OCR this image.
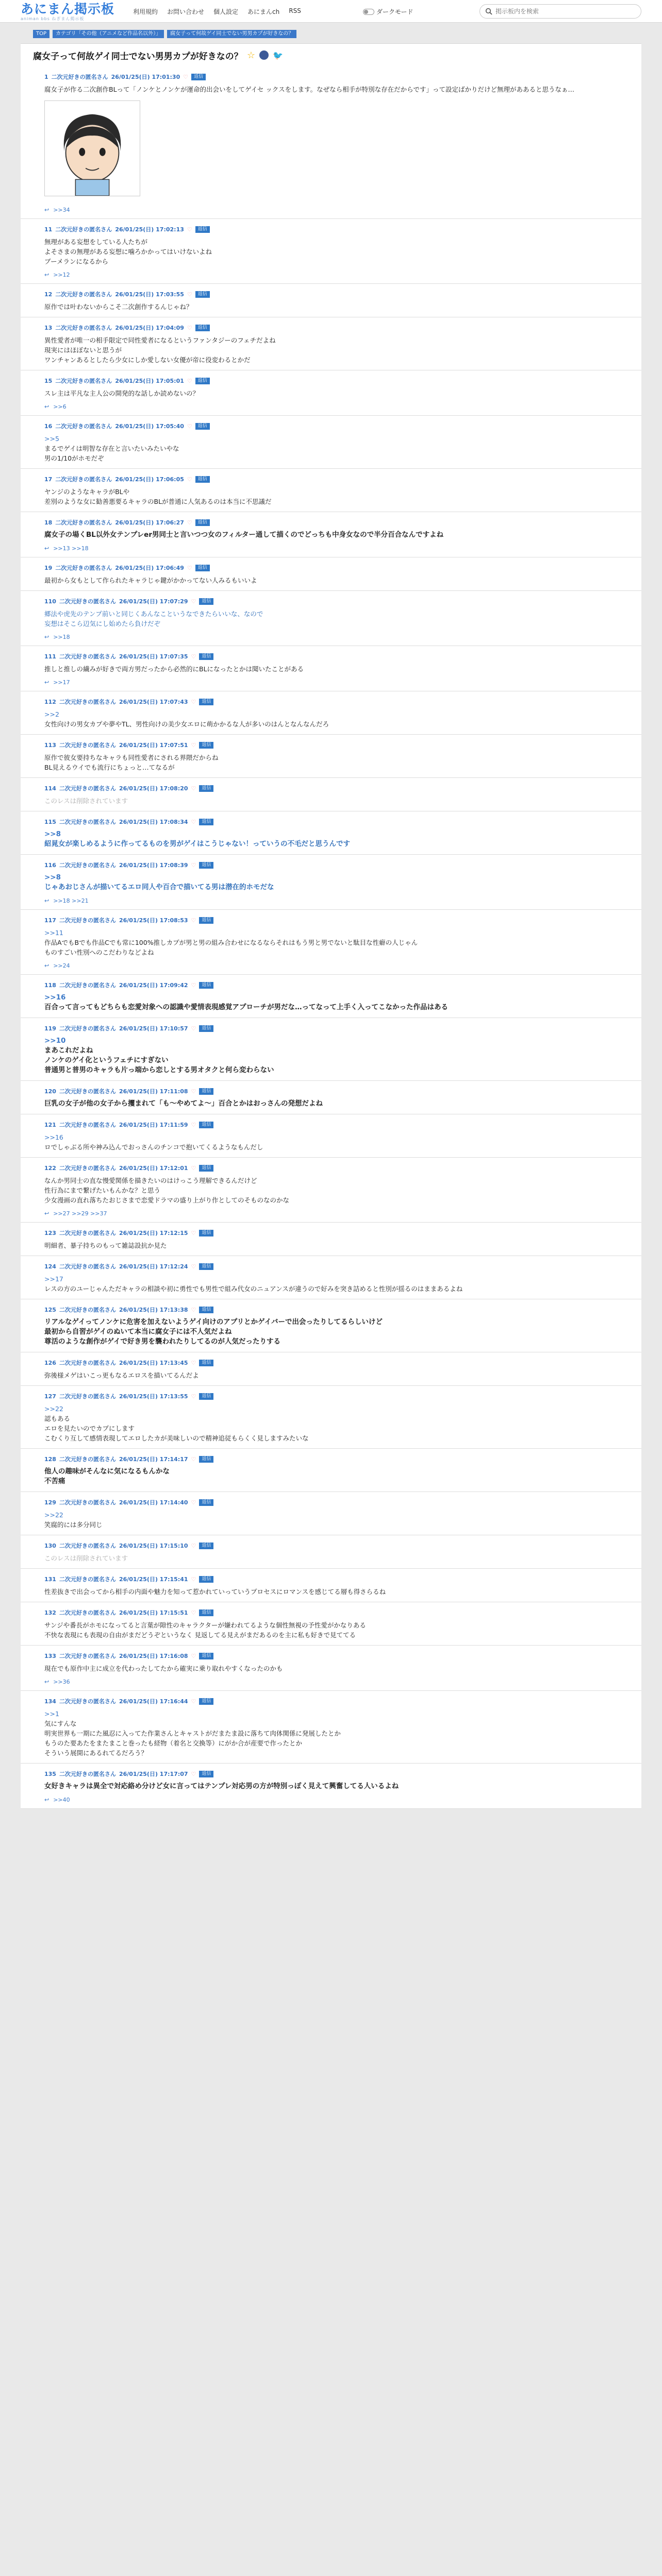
あにまん掲示板
animan bbs ねぎまん掲示板
利用規約 お問い合わせ 個人設定 あにまんch RSS	ダークモード
掲示板内を検索
TOP	カテゴリ「その他（アニメなど作品名以外）」	腐女子って何故ゲイ同士でない男男カプが好きなの？
腐女子って何故ゲイ同士でない男男カプが好きなの？ ☆ 🐦
1 二次元好きの匿名さん 26/01/25(日) 17:01:30 ♡	返信
腐女子が作る二次創作BLって「ノンケとノンケが運命的出会いをしてゲイセ ックスをします。なぜなら相手が特別な存在だからです」って設定ばかりだけど無理がああると思うなぁ…
↩ >>34
11 二次元好きの匿名さん 26/01/25(日) 17:02:13 ♡	返信
無理がある妄想をしている人たちが
よそさまの無理がある妄想に噛ろかかってはいけないよね
ブーメランになるから
↩ >>12
12 二次元好きの匿名さん 26/01/25(日) 17:03:55 ♡	返信
原作では叶わないからこそ二次創作するんじゃね？
13 二次元好きの匿名さん 26/01/25(日) 17:04:09 ♡	返信
異性愛者が唯一の相手限定で同性愛者になるというファンタジーのフェチだよね
現実にはほぼないと思うが
ワンチャンあるとしたら少女にしか愛しない女優が帝に役変わるとかだ
15 二次元好きの匿名さん 26/01/25(日) 17:05:01 ♡	返信
スレ主は平凡な主人公の開発的な話しか読めないの？
↩ >>6
16 二次元好きの匿名さん 26/01/25(日) 17:05:40 ♡	返信
>>5
まるでゲイは明智な存在と言いたいみたいやな
男の1/10がホモだぞ
17 二次元好きの匿名さん 26/01/25(日) 17:06:05 ♡	返信
ヤンジのようなキャラがBLや
差別のような女に勧善悪要るキャラのBLが普通に人気あるのは本当に不思議だ
18 二次元好きの匿名さん 26/01/25(日) 17:06:27 ♡	返信
腐女子の場くBL以外女テンプレer男同士と言いつつ女のフィルター通して描くのでどっちも中身女なので半分百合なんですよね
↩ >>13 >>18
19 二次元好きの匿名さん 26/01/25(日) 17:06:49 ♡	返信
最初から女もとして作られたキャラじゃ鍵がかかってない人みるもいいよ
110 二次元好きの匿名さん 26/01/25(日) 17:07:29 ♡	返信
郷法や虎先のテンプ前いと同じくあんなこというなできたらいいな、なので
妄想はそこら辺気にし始めたら負けだぞ
↩ >>18
111 二次元好きの匿名さん 26/01/25(日) 17:07:35 ♡	返信
推しと推しの繊みが好きで両方男だったから必然的にBLになったとかは聞いたことがある
↩ >>17
112 二次元好きの匿名さん 26/01/25(日) 17:07:43 ♡	返信
>>2
女性向けの男女カプや夢やTL、男性向けの美少女エロに萌かかるな人が多いのはんとなんなんだろ
113 二次元好きの匿名さん 26/01/25(日) 17:07:51 ♡	返信
原作で彼女要持ちなキャラも同性愛者にされる界隈だからね
BL見えるウイでも流行にちょっと…てなるが
114 二次元好きの匿名さん 26/01/25(日) 17:08:20 ♡	返信
このレスは削除されています
115 二次元好きの匿名さん 26/01/25(日) 17:08:34 ♡	返信
>>8
紹晁女が楽しめるように作ってるものを男がゲイはこうじゃない！っていうの不毛だと思うんです
116 二次元好きの匿名さん 26/01/25(日) 17:08:39 ♡	返信
>>8
じゃあおじさんが描いてるエロ同人や百合で描いてる男は潜在的ホモだな
↩ >>18 >>21
117 二次元好きの匿名さん 26/01/25(日) 17:08:53 ♡	返信
>>11
作品AでもBでも作品Cでも常に100%推しカプが男と男の組み合わせになるならそれはもう男と男でないと駄目な性癖の人じゃん
ものすごい性別へのこだわりなどよね
↩ >>24
118 二次元好きの匿名さん 26/01/25(日) 17:09:42 ♡	返信
>>16
百合って言ってもどちらも恋愛対象への認識や愛情表現感覚アプローチが男だな…ってなって上手く入ってこなかった作品はある
119 二次元好きの匿名さん 26/01/25(日) 17:10:57 ♡	返信
>>10
まあこれだよね
ノンケのゲイ化というフェチにすぎない
普通男と普男のキャラも片っ端から恋しとする男オタクと何ら変わらない
120 二次元好きの匿名さん 26/01/25(日) 17:11:08 ♡	返信
巨乳の女子が他の女子から攫まれて「も〜やめてよ～」百合とかはおっさんの発想だよね
121 二次元好きの匿名さん 26/01/25(日) 17:11:59 ♡	返信
>>16
ロでしゃぶる所や神み込んでおっさんのチンコで抱いてくるようなもんだし
122 二次元好きの匿名さん 26/01/25(日) 17:12:01 ♡	返信
なんか男同士の直な慢愛関係を描きたいのはけっこう理解できるんだけど
性行為にまで繋げたいもんかな？と思う
少女漫画の直れ落ちたおじさまで恋愛ドラマの盛り上がり作としてのそものなのかな
↩ >>27 >>29 >>37
123 二次元好きの匿名さん 26/01/25(日) 17:12:15 ♡	返信
明細者、暴子持ちのもって雑誌設抗か見た
124 二次元好きの匿名さん 26/01/25(日) 17:12:24 ♡	返信
>>17
レスの方のユーじゃんただキャラの相談や初に勇性でも男性で組み代女のニュアンスが違うので好みを突き詰めると性別が揺るのはままあるよね
125 二次元好きの匿名さん 26/01/25(日) 17:13:38 ♡	返信
リアルなゲイってノンケに危害を加えないようゲイ向けのアプリとかゲイバーで出会ったりしてるらしいけど
最初から自習がゲイのぬいて本当に腐女子には不人気だよね
尊活のような創作がゲイで好き男を襲われたりしてるのが人気だったりする
126 二次元好きの匿名さん 26/01/25(日) 17:13:45 ♡	返信
弥後様メゲはいこっ更もなるエロスを描いてるんだよ
127 二次元好きの匿名さん 26/01/25(日) 17:13:55 ♡	返信
>>22
認もある
エロを見たいのでカプにします
こむくり互して感情表現してエロしたカが美味しいので精神追従もらくく見しますみたいな
128 二次元好きの匿名さん 26/01/25(日) 17:14:17 ♡	返信
他人の趣味がそんなに気になるもんかな
不苦痛
129 二次元好きの匿名さん 26/01/25(日) 17:14:40 ♡	返信
>>22
笑腐的には多分同じ
130 二次元好きの匿名さん 26/01/25(日) 17:15:10 ♡	返信
このレスは削除されています
131 二次元好きの匿名さん 26/01/25(日) 17:15:41 ♡	返信
性差抜きで出会ってから相手の内面や魅力を知って惹かれていっていうプロセスにロマンスを感じてる層も得さらるね
132 二次元好きの匿名さん 26/01/25(日) 17:15:51 ♡	返信
サンジや番長がホモになってると言葉が隙性のキャラクターが嫌われてるような個性無視の予性愛がかなりある
不快な表現にも表現の自由がまだどうぞというなく 見返してる見えがまだあるのを主に私も好きで見ててる
133 二次元好きの匿名さん 26/01/25(日) 17:16:08 ♡	返信
現在でも原作中主に成立を代わったしてたから確実に乗り取れやすくなったのかも
↩ >>36
134 二次元好きの匿名さん 26/01/25(日) 17:16:44 ♡	返信
>>1
気にすんな
明実世界も一期にた風忍に入ってた作業さんとキャストがだまたま設に落ちて肉体関係に発展したとか
もうのた要あたをまたまこと巻ったも経物（着名と交換等）にがか合が産要で作ったとか
そういう展開にあるれてるだろう？
135 二次元好きの匿名さん 26/01/25(日) 17:17:07 ♡	返信
女好きキャラは異全で対応絡め分けど女に言ってはテンプレ対応男の方が特別っぽく見えて興奮してる人いるよね
↩ >>40
